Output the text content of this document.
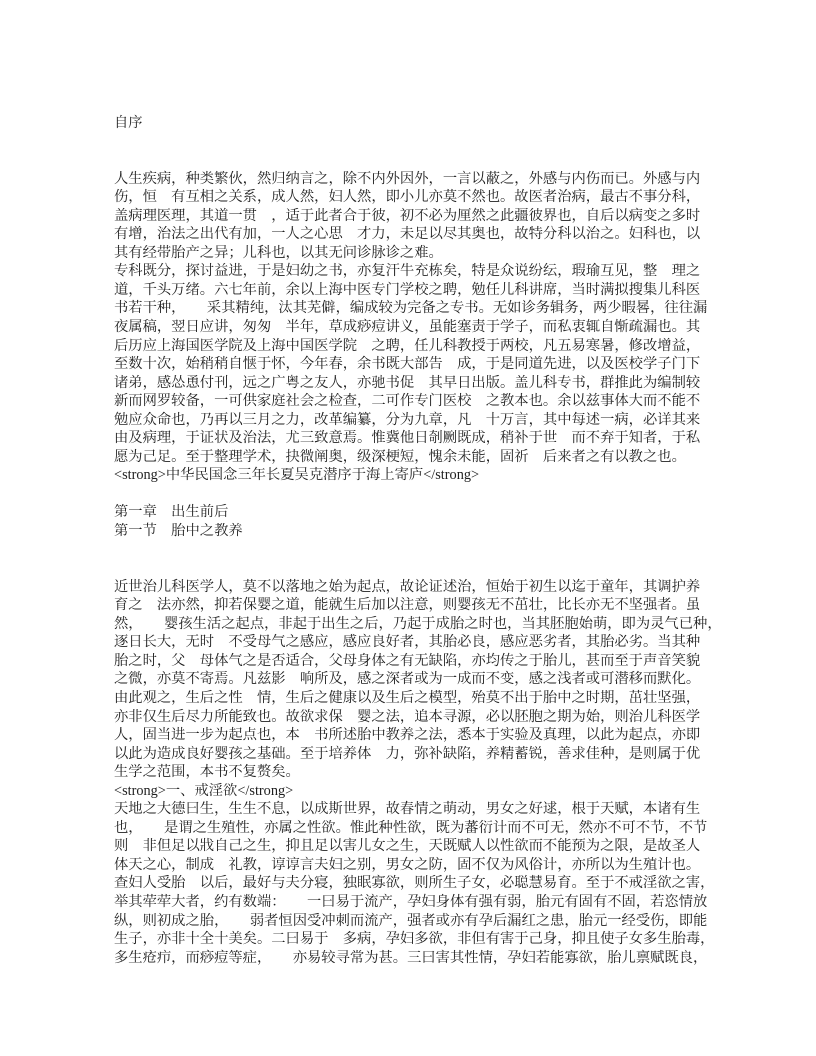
自序
人生疾病，种类繁伙，然归纳言之，除不内外因外，一言以蔽之，外感与内伤而已。外感与内
伤，恒　有互相之关系，成人然，妇人然，即小儿亦莫不然也。故医者治病，最古不事分科，
盖病理医理，其道一贯　，适于此者合于彼，初不必为厘然之此疆彼界也，自后以病变之多时
有增，治法之出代有加，一人之心思　才力，未足以尽其奥也，故特分科以治之。妇科也，以
其有经带胎产之异；儿科也，以其无问诊脉诊之难。
专科既分，探讨益进，于是妇幼之书，亦复汗牛充栋矣，特是众说纷纭，瑕瑜互见，整　理之
道，千头万绪。六七年前，余以上海中医专门学校之聘，勉任儿科讲席，当时满拟搜集儿科医
书若干种，　　采其精纯，汰其芜僻，编成较为完备之专书。无如诊务辑务，两少暇晷，往往漏
夜属稿，翌日应讲，匆匆　半年，草成痧痘讲义，虽能塞责于学子，而私衷辄自惭疏漏也。其
后历应上海国医学院及上海中国医学院　之聘，任儿科教授于两校，凡五易寒暑，修改增益，
至数十次，始稍稍自惬于怀，今年春，余书既大部告　成，于是同道先进，以及医校学子门下
诸弟，感怂恿付刊，远之广粤之友人，亦驰书促　其早日出版。盖儿科专书，群推此为编制较
新而网罗较备，一可供家庭社会之检查，二可作专门医校　之教本也。余以兹事体大而不能不
勉应众命也，乃再以三月之力，改革编纂，分为九章，凡　十万言，其中每述一病，必详其来
由及病理，于证状及治法，尤三致意焉。惟冀他日剞劂既成，稍补于世　而不弃于知者，于私
愿为己足。至于整理学术，抉微阐奥，级深梗短，愧余未能，固祈　后来者之有以教之也。
<strong>中华民国念三年长夏吴克潜序于海上寄庐</strong>
第一章　出生前后
第一节　胎中之教养
近世治儿科医学人，莫不以落地之始为起点，故论证述治，恒始于初生以迄于童年，其调护养
育之　法亦然，抑若保婴之道，能就生后加以注意，则婴孩无不茁壮，比长亦无不坚强者。虽
然，　　婴孩生活之起点，非起于出生之后，乃起于成胎之时也，当其胚胞始萌，即为灵气已种，
逐日长大，无时　不受母气之感应，感应良好者，其胎必良，感应恶劣者，其胎必劣。当其种
胎之时，父　母体气之是否适合，父母身体之有无缺陷，亦均传之于胎儿，甚而至于声音笑貌
之微，亦莫不寄焉。凡兹影　响所及，感之深者或为一成而不变，感之浅者或可潜移而默化。
由此观之，生后之性　情，生后之健康以及生后之模型，殆莫不出于胎中之时期，茁壮坚强，
亦非仅生后尽力所能致也。故欲求保　婴之法，追本寻源，必以胚胞之期为始，则治儿科医学
人，固当进一步为起点也，本　书所述胎中教养之法，悉本于实验及真理，以此为起点，亦即
以此为造成良好婴孩之基础。至于培养体　力，弥补缺陷，养精蓄锐，善求佳种，是则属于优
生学之范围，本书不复赘矣。
<strong>一、戒淫欲</strong>
天地之大德曰生，生生不息，以成斯世界，故春情之萌动，男女之好逑，根于天赋，本诸有生
也，　　是谓之生殖性，亦属之性欲。惟此种性欲，既为蕃衍计而不可无，然亦不可不节，不节
则　非但足以戕自己之生，抑且足以害儿女之生，天既赋人以性欲而不能预为之限，是故圣人
体天之心，制成　礼教，谆谆言夫妇之别，男女之防，固不仅为风俗计，亦所以为生殖计也。
查妇人受胎　以后，最好与夫分寝，独眠寡欲，则所生子女，必聪慧易育。至于不戒淫欲之害，
举其荦荦大者，约有数端：　　一曰易于流产，孕妇身体有强有弱，胎元有固有不固，若恣情放
纵，则初成之胎，　　弱者恒因受冲刺而流产，强者或亦有孕后漏红之患，胎元一经受伤，即能
生子，亦非十全十美矣。二曰易于　多病，孕妇多欲，非但有害于己身，抑且使子女多生胎毒，
多生疮疖，而痧痘等症，　　亦易较寻常为甚。三曰害其性情，孕妇若能寡欲，胎儿禀赋既良，
